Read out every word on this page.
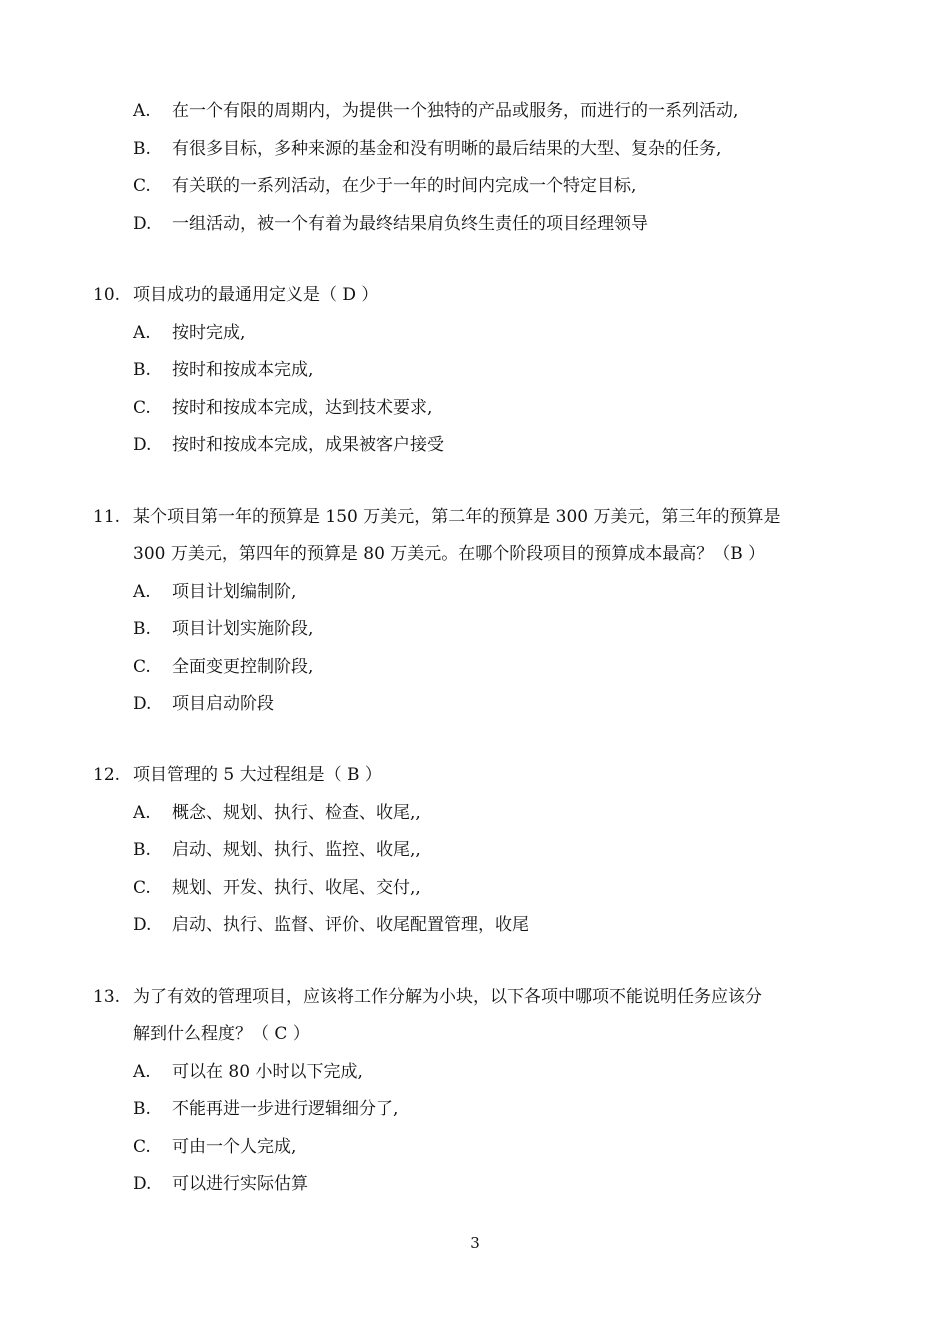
A. 在一个有限的周期内，为提供一个独特的产品或服务，而进行的一系列活动,
B. 有很多目标，多种来源的基金和没有明晰的最后结果的大型、复杂的任务,
C. 有关联的一系列活动，在少于一年的时间内完成一个特定目标,
D. 一组活动，被一个有着为最终结果肩负终生责任的项目经理领导
10. 项目成功的最通用定义是（ D ）
A. 按时完成,
B. 按时和按成本完成,
C. 按时和按成本完成，达到技术要求,
D. 按时和按成本完成，成果被客户接受
11. 某个项目第一年的预算是 150 万美元，第二年的预算是 300 万美元，第三年的预算是
300 万美元，第四年的预算是 80 万美元。在哪个阶段项目的预算成本最高？（B ）
A. 项目计划编制阶,
B. 项目计划实施阶段,
C. 全面变更控制阶段,
D. 项目启动阶段
12. 项目管理的 5 大过程组是（ B ）
A. 概念、规划、执行、检查、收尾,,
B. 启动、规划、执行、监控、收尾,,
C. 规划、开发、执行、收尾、交付,,
D. 启动、执行、监督、评价、收尾配置管理，收尾
13. 为了有效的管理项目，应该将工作分解为小块，以下各项中哪项不能说明任务应该分
解到什么程度？（ C ）
A. 可以在 80 小时以下完成,
B. 不能再进一步进行逻辑细分了,
C. 可由一个人完成,
D. 可以进行实际估算
3
